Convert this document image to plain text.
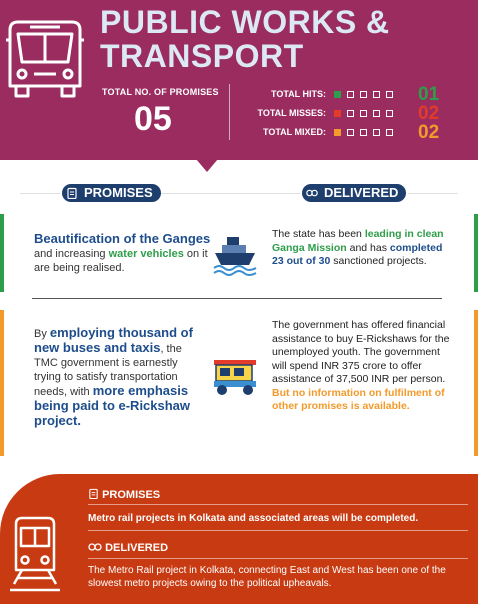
PUBLIC WORKS &
TRANSPORT
TOTAL NO. OF PROMISES
05
TOTAL HITS:	01
TOTAL MISSES:	02
TOTAL MIXED:	02
PROMISES	DELIVERED
Beautification of the Ganges and increasing water vehicles on it are being realised.
The state has been leading in clean Ganga Mission and has completed 23 out of 30 sanctioned projects.
By employing thousand of new buses and taxis, the TMC government is earnestly trying to satisfy transportation needs, with more emphasis being paid to e-Rickshaw project.
The government has offered financial assistance to buy E-Rickshaws for the unemployed youth. The government will spend INR 375 crore to offer assistance of 37,500 INR per person. But no information on fulfilment of other promises is available.
PROMISES
Metro rail projects in Kolkata and associated areas will be completed.
DELIVERED
The Metro Rail project in Kolkata, connecting East and West has been one of the slowest metro projects owing to the political upheavals.
